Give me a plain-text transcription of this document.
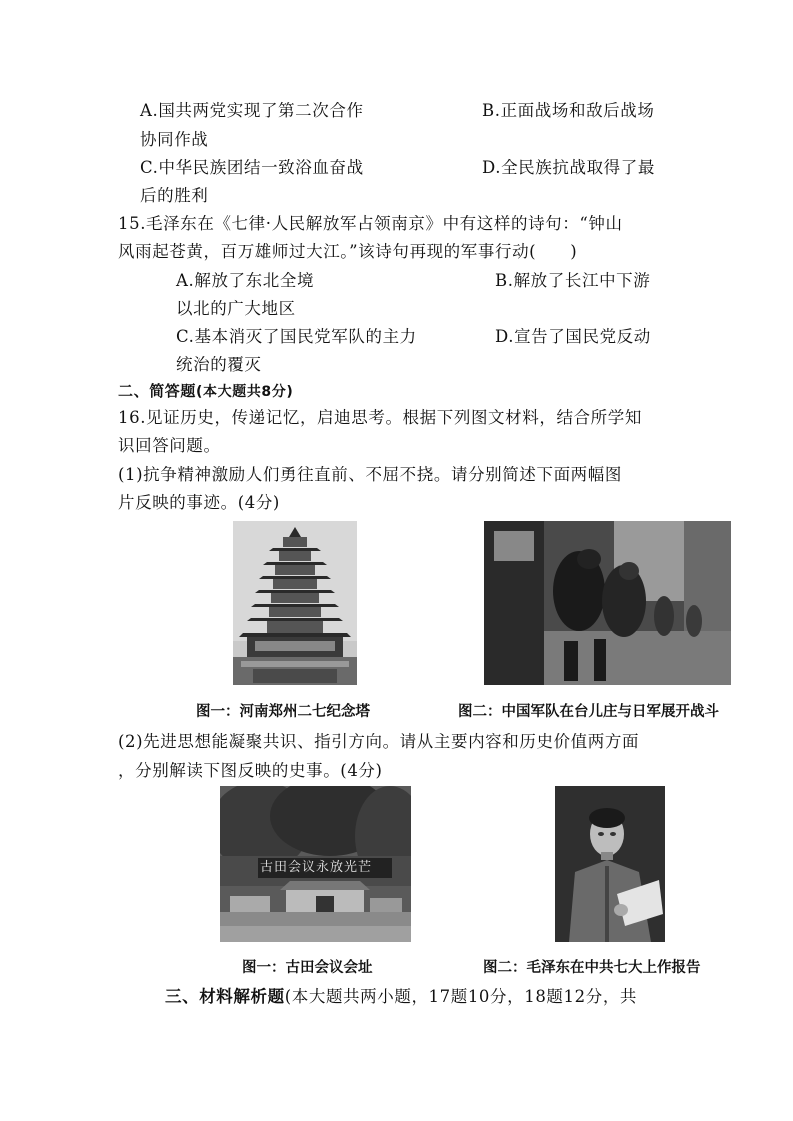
A.国共两党实现了第二次合作	B.正面战场和敌后战场
协同作战
C.中华民族团结一致浴血奋战	D.全民族抗战取得了最
后的胜利
15.毛泽东在《七律·人民解放军占领南京》中有这样的诗句：“钟山
风雨起苍黄，百万雄师过大江。”该诗句再现的军事行动( )
A.解放了东北全境	B.解放了长江中下游
以北的广大地区
C.基本消灭了国民党军队的主力	D.宣告了国民党反动
统治的覆灭
二、简答题(本大题共8分)
16.见证历史，传递记忆，启迪思考。根据下列图文材料，结合所学知
识回答问题。
(1)抗争精神激励人们勇往直前、不屈不挠。请分别简述下面两幅图
片反映的事迹。(4分)
图一：河南郑州二七纪念塔	图二：中国军队在台儿庄与日军展开战斗
(2)先进思想能凝聚共识、指引方向。请从主要内容和历史价值两方面
，分别解读下图反映的史事。(4分)
古田会议永放光芒
图一：古田会议会址	图二：毛泽东在中共七大上作报告
三、材料解析题(本大题共两小题，17题10分，18题12分，共
